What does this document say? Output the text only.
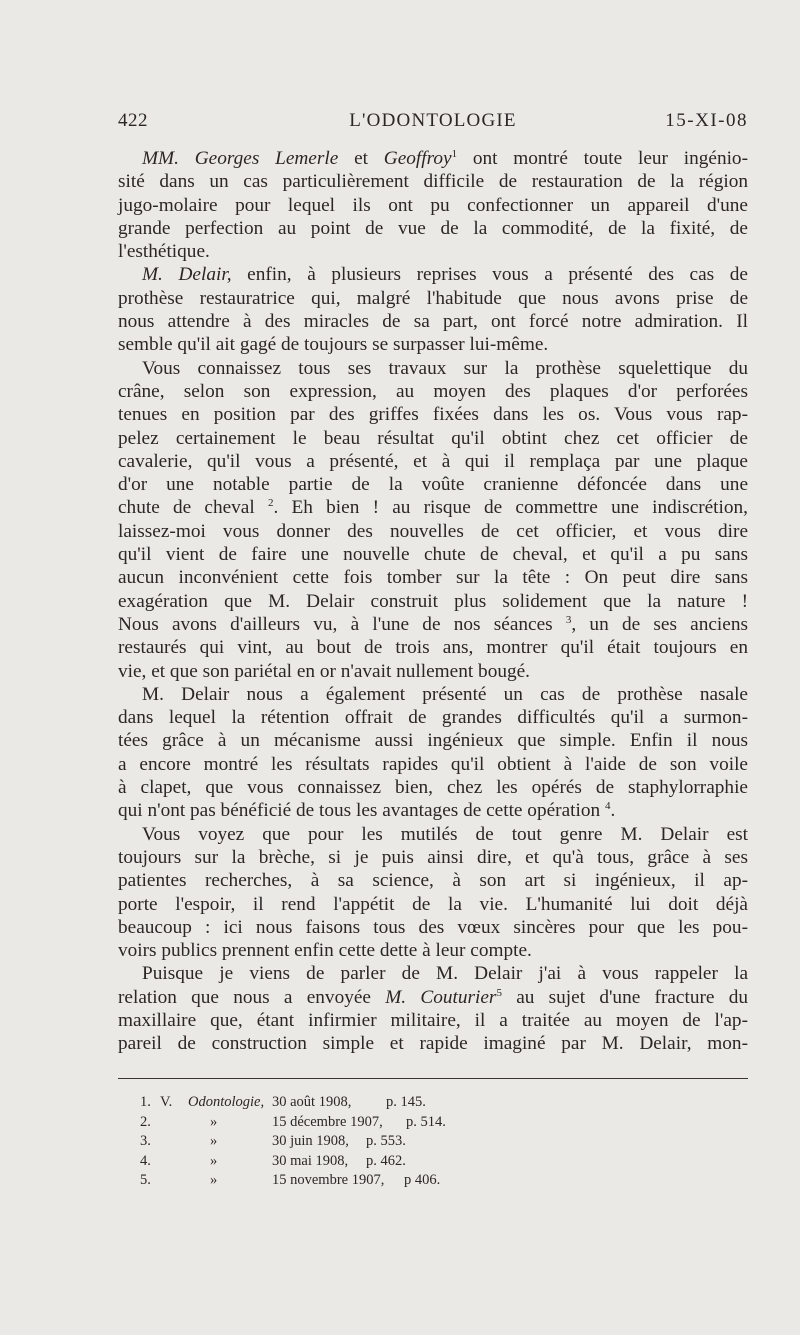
422	L'ODONTOLOGIE	15-XI-08
MM. Georges Lemerle et Geoffroy$^1$ ont montré toute leur ingénio-
sité dans un cas particulièrement difficile de restauration de la région
jugo-molaire pour lequel ils ont pu confectionner un appareil d'une
grande perfection au point de vue de la commodité, de la fixité, de
l'esthétique.
M. Delair, enfin, à plusieurs reprises vous a présenté des cas de
prothèse restauratrice qui, malgré l'habitude que nous avons prise de
nous attendre à des miracles de sa part, ont forcé notre admiration. Il
semble qu'il ait gagé de toujours se surpasser lui-même.
Vous connaissez tous ses travaux sur la prothèse squelettique du
crâne, selon son expression, au moyen des plaques d'or perforées
tenues en position par des griffes fixées dans les os. Vous vous rap-
pelez certainement le beau résultat qu'il obtint chez cet officier de
cavalerie, qu'il vous a présenté, et à qui il remplaça par une plaque
d'or une notable partie de la voûte cranienne défoncée dans une
chute de cheval $^2$. Eh bien ! au risque de commettre une indiscrétion,
laissez-moi vous donner des nouvelles de cet officier, et vous dire
qu'il vient de faire une nouvelle chute de cheval, et qu'il a pu sans
aucun inconvénient cette fois tomber sur la tête : On peut dire sans
exagération que M. Delair construit plus solidement que la nature !
Nous avons d'ailleurs vu, à l'une de nos séances $^3$, un de ses anciens
restaurés qui vint, au bout de trois ans, montrer qu'il était toujours en
vie, et que son pariétal en or n'avait nullement bougé.
M. Delair nous a également présenté un cas de prothèse nasale
dans lequel la rétention offrait de grandes difficultés qu'il a surmon-
tées grâce à un mécanisme aussi ingénieux que simple. Enfin il nous
a encore montré les résultats rapides qu'il obtient à l'aide de son voile
à clapet, que vous connaissez bien, chez les opérés de staphylorraphie
qui n'ont pas bénéficié de tous les avantages de cette opération $^4$.
Vous voyez que pour les mutilés de tout genre M. Delair est
toujours sur la brèche, si je puis ainsi dire, et qu'à tous, grâce à ses
patientes recherches, à sa science, à son art si ingénieux, il ap-
porte l'espoir, il rend l'appétit de la vie. L'humanité lui doit déjà
beaucoup : ici nous faisons tous des vœux sincères pour que les pou-
voirs publics prennent enfin cette dette à leur compte.
Puisque je viens de parler de M. Delair j'ai à vous rappeler la
relation que nous a envoyée M. Couturier$^5$ au sujet d'une fracture du
maxillaire que, étant infirmier militaire, il a traitée au moyen de l'ap-
pareil de construction simple et rapide imaginé par M. Delair, mon-
1. V. Odontologie, 30 août 1908, p. 145.
2.	»	15 décembre 1907, p. 514.
3.	»	30 juin 1908, p. 553.
4.	»	30 mai 1908, p. 462.
5.	»	15 novembre 1907, p 406.
